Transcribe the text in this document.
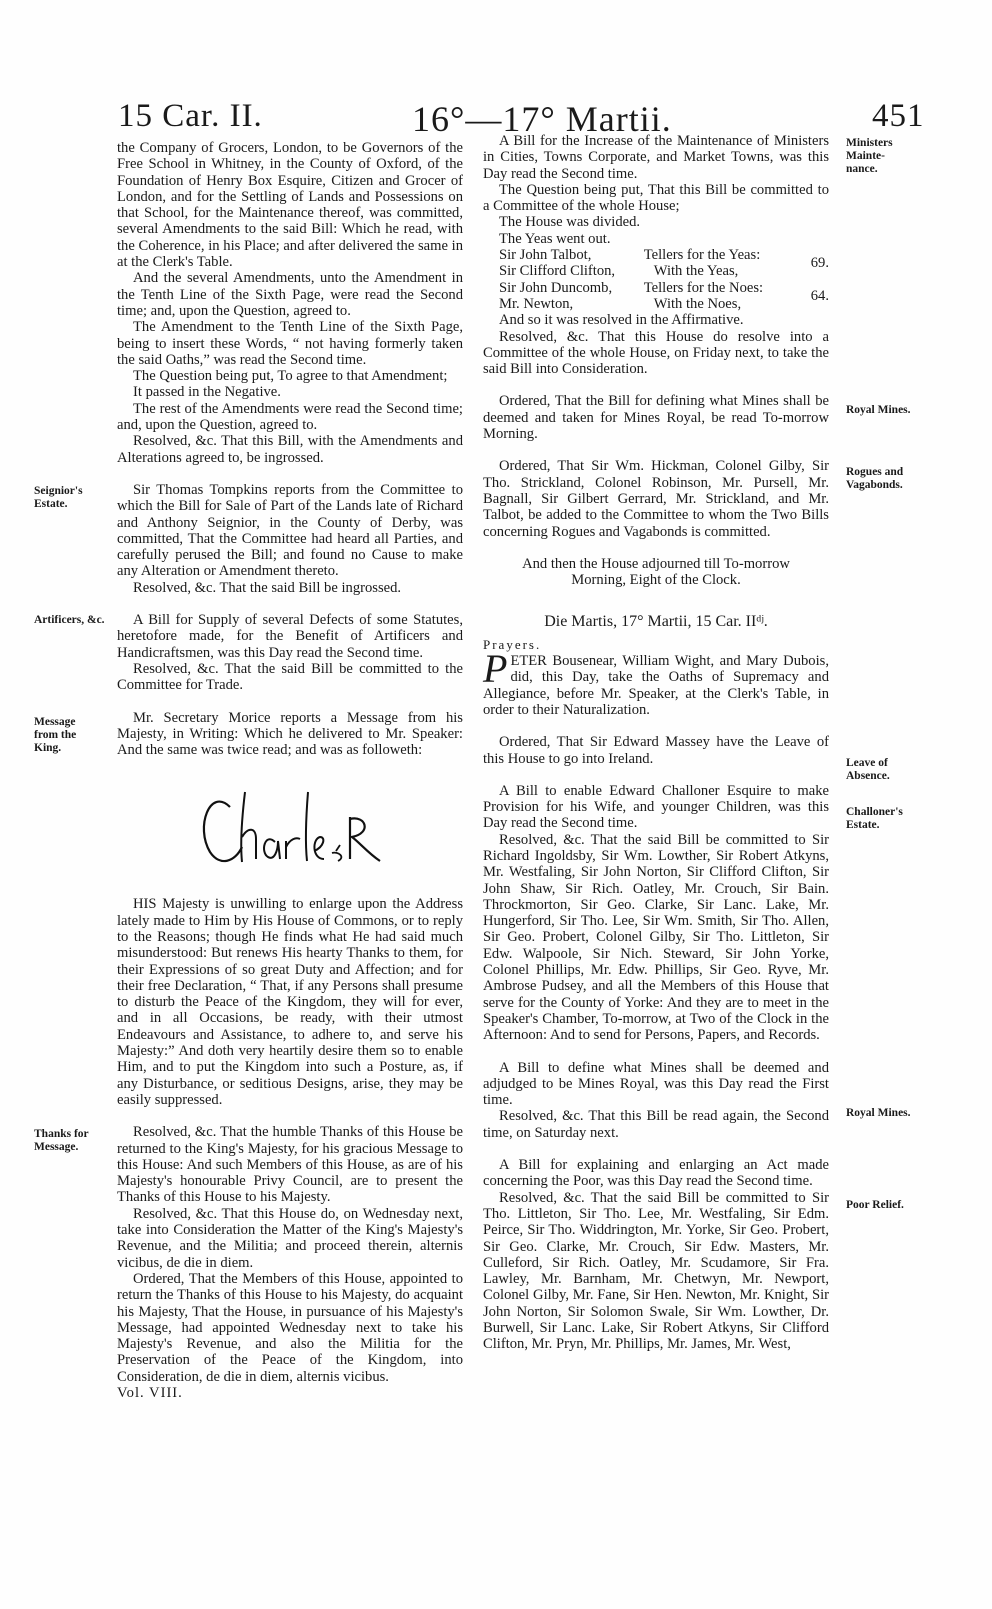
15 Car. II.	16°—17° Martii.	451
Seignior's Estate.
Artificers, &c.
Message from the King.
Thanks for Message.
Ministers Mainte- nance.
Royal Mines.
Rogues and Vagabonds.
Leave of Absence.
Challoner's Estate.
Royal Mines.
Poor Relief.

the Company of Grocers, London, to be Governors of the Free School in Whitney, in the County of Oxford, of the Foundation of Henry Box Esquire, Citizen and Grocer of London, and for the Settling of Lands and Possessions on that School, for the Maintenance thereof, was committed, several Amendments to the said Bill: Which he read, with the Coherence, in his Place; and after delivered the same in at the Clerk's Table.

And the several Amendments, unto the Amendment in the Tenth Line of the Sixth Page, were read the Second time; and, upon the Question, agreed to.

The Amendment to the Tenth Line of the Sixth Page, being to insert these Words, “ not having formerly taken the said Oaths,” was read the Second time.

The Question being put, To agree to that Amendment;

It passed in the Negative.

The rest of the Amendments were read the Second time; and, upon the Question, agreed to.

Resolved, &c. That this Bill, with the Amendments and Alterations agreed to, be ingrossed.

Sir Thomas Tompkins reports from the Committee to which the Bill for Sale of Part of the Lands late of Richard and Anthony Seignior, in the County of Derby, was committed, That the Committee had heard all Parties, and carefully perused the Bill; and found no Cause to make any Alteration or Amendment thereto.

Resolved, &c. That the said Bill be ingrossed.

A Bill for Supply of several Defects of some Statutes, heretofore made, for the Benefit of Artificers and Handicraftsmen, was this Day read the Second time.

Resolved, &c. That the said Bill be committed to the Committee for Trade.

Mr. Secretary Morice reports a Message from his Majesty, in Writing: Which he delivered to Mr. Speaker: And the same was twice read; and was as followeth:

HIS Majesty is unwilling to enlarge upon the Address lately made to Him by His House of Commons, or to reply to the Reasons; though He finds what He had said much misunderstood: But renews His hearty Thanks to them, for their Expressions of so great Duty and Affection; and for their free Declaration, “ That, if any Persons shall presume to disturb the Peace of the Kingdom, they will for ever, and in all Occasions, be ready, with their utmost Endeavours and Assistance, to adhere to, and serve his Majesty:” And doth very heartily desire them so to enable Him, and to put the Kingdom into such a Posture, as, if any Disturbance, or seditious Designs, arise, they may be easily suppressed.

Resolved, &c. That the humble Thanks of this House be returned to the King's Majesty, for his gracious Message to this House: And such Members of this House, as are of his Majesty's honourable Privy Council, are to present the Thanks of this House to his Majesty.

Resolved, &c. That this House do, on Wednesday next, take into Consideration the Matter of the King's Majesty's Revenue, and the Militia; and proceed therein, alternis vicibus, de die in diem.

Ordered, That the Members of this House, appointed to return the Thanks of this House to his Majesty, do acquaint his Majesty, That the House, in pursuance of his Majesty's Message, had appointed Wednesday next to take his Majesty's Revenue, and also the Militia for the Preservation of the Peace of the Kingdom, into Consideration, de die in diem, alternis vicibus.

Vol. VIII.

A Bill for the Increase of the Maintenance of Ministers in Cities, Towns Corporate, and Market Towns, was this Day read the Second time.

The Question being put, That this Bill be committed to a Committee of the whole House;

The House was divided.

The Yeas went out.

Sir John Talbot,	Tellers for the Yeas:	69.
Sir Clifford Clifton,	With the Yeas,	
Sir John Duncomb,	Tellers for the Noes:	64.
Mr. Newton,	With the Noes,	

And so it was resolved in the Affirmative.

Resolved, &c. That this House do resolve into a Committee of the whole House, on Friday next, to take the said Bill into Consideration.

Ordered, That the Bill for defining what Mines shall be deemed and taken for Mines Royal, be read To-morrow Morning.

Ordered, That Sir Wm. Hickman, Colonel Gilby, Sir Tho. Strickland, Colonel Robinson, Mr. Pursell, Mr. Bagnall, Sir Gilbert Gerrard, Mr. Strickland, and Mr. Talbot, be added to the Committee to whom the Two Bills concerning Rogues and Vagabonds is committed.

And then the House adjourned till To-morrow Morning, Eight of the Clock.

Die Martis, 17° Martii, 15 Car. IIᵈʲ.
Prayers.

PETER Bousenear, William Wight, and Mary Dubois, did, this Day, take the Oaths of Supremacy and Allegiance, before Mr. Speaker, at the Clerk's Table, in order to their Naturalization.

Ordered, That Sir Edward Massey have the Leave of this House to go into Ireland.

A Bill to enable Edward Challoner Esquire to make Provision for his Wife, and younger Children, was this Day read the Second time.

Resolved, &c. That the said Bill be committed to Sir Richard Ingoldsby, Sir Wm. Lowther, Sir Robert Atkyns, Mr. Westfaling, Sir John Norton, Sir Clifford Clifton, Sir John Shaw, Sir Rich. Oatley, Mr. Crouch, Sir Bain. Throckmorton, Sir Geo. Clarke, Sir Lanc. Lake, Mr. Hungerford, Sir Tho. Lee, Sir Wm. Smith, Sir Tho. Allen, Sir Geo. Probert, Colonel Gilby, Sir Tho. Littleton, Sir Edw. Walpoole, Sir Nich. Steward, Sir John Yorke, Colonel Phillips, Mr. Edw. Phillips, Sir Geo. Ryve, Mr. Ambrose Pudsey, and all the Members of this House that serve for the County of Yorke: And they are to meet in the Speaker's Chamber, To-morrow, at Two of the Clock in the Afternoon: And to send for Persons, Papers, and Records.

A Bill to define what Mines shall be deemed and adjudged to be Mines Royal, was this Day read the First time.

Resolved, &c. That this Bill be read again, the Second time, on Saturday next.

A Bill for explaining and enlarging an Act made concerning the Poor, was this Day read the Second time.

Resolved, &c. That the said Bill be committed to Sir Tho. Littleton, Sir Tho. Lee, Mr. Westfaling, Sir Edm. Peirce, Sir Tho. Widdrington, Mr. Yorke, Sir Geo. Probert, Sir Geo. Clarke, Mr. Crouch, Sir Edw. Masters, Mr. Culleford, Sir Rich. Oatley, Mr. Scudamore, Sir Fra. Lawley, Mr. Barnham, Mr. Chetwyn, Mr. Newport, Colonel Gilby, Mr. Fane, Sir Hen. Newton, Mr. Knight, Sir John Norton, Sir Solomon Swale, Sir Wm. Lowther, Dr. Burwell, Sir Lanc. Lake, Sir Robert Atkyns, Sir Clifford Clifton, Mr. Pryn, Mr. Phillips, Mr. James, Mr. West,
